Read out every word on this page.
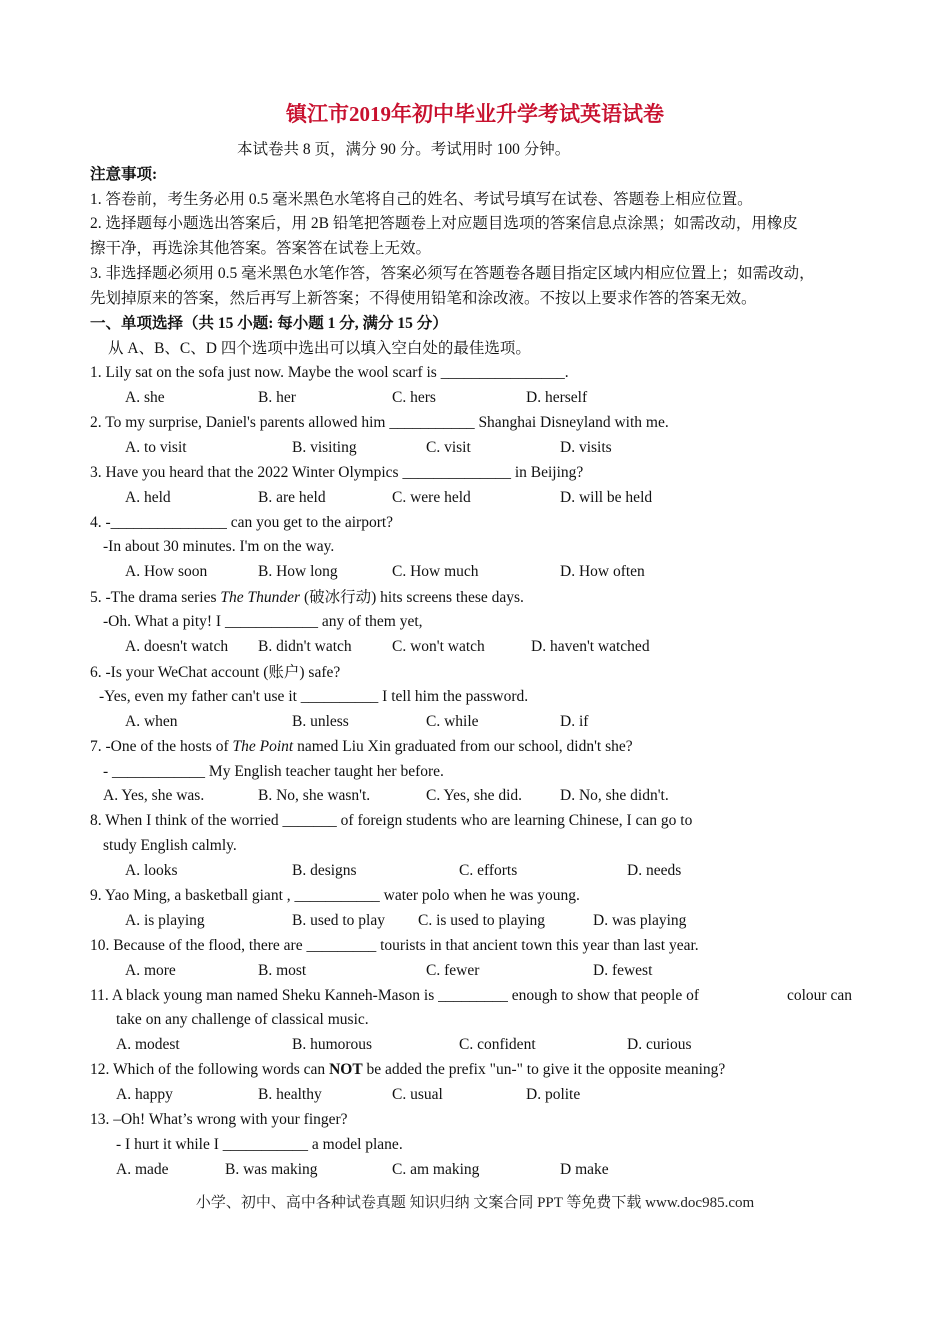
镇江市2019年初中毕业升学考试英语试卷
本试卷共 8 页，满分 90 分。考试用时 100 分钟。
注意事项:
1. 答卷前，考生务必用 0.5 毫米黑色水笔将自己的姓名、考试号填写在试卷、答题卷上相应位置。
2. 选择题每小题选出答案后，用 2B 铅笔把答题卷上对应题目选项的答案信息点涂黑；如需改动，用橡皮
擦干净，再选涂其他答案。答案答在试卷上无效。
3. 非选择题必须用 0.5 毫米黑色水笔作答，答案必须写在答题卷各题目指定区域内相应位置上；如需改动，
先划掉原来的答案，然后再写上新答案；不得使用铅笔和涂改液。不按以上要求作答的答案无效。
一、单项选择（共 15 小题: 每小题 1 分, 满分 15 分）
从 A、B、C、D 四个选项中选出可以填入空白处的最佳选项。
1. Lily sat on the sofa just now. Maybe the wool scarf is ________________.
A. she	B. her	C. hers	D. herself
2. To my surprise, Daniel's parents allowed him ___________ Shanghai Disneyland with me.
A. to visit	B. visiting	C. visit	D. visits
3. Have you heard that the 2022 Winter Olympics ______________ in Beijing?
A. held	B. are held	C. were held	D. will be held
4. -_______________ can you get to the airport?
-In about 30 minutes. I'm on the way.
A. How soon	B. How long	C. How much	D. How often
5. -The drama series The Thunder (破冰行动) hits screens these days.
-Oh. What a pity! I ____________ any of them yet,
A. doesn't watch B. didn't watch	C. won't watch	D. haven't watched
6. -Is your WeChat account (账户) safe?
-Yes, even my father can't use it __________ I tell him the password.
A. when	B. unless	C. while	D. if
7. -One of the hosts of The Point named Liu Xin graduated from our school, didn't she?
- ____________ My English teacher taught her before.
A. Yes, she was.	B. No, she wasn't.	C. Yes, she did. D. No, she didn't.
8. When I think of the worried _______ of foreign students who are learning Chinese, I can go to
study English calmly.
A. looks	B. designs	C. efforts	D. needs
9. Yao Ming, a basketball giant , ___________ water polo when he was young.
A. is playing	B. used to play C. is used to playing	D. was playing
10. Because of the flood, there are _________ tourists in that ancient town this year than last year.
A. more	B. most	C. fewer	D. fewest
11. A black young man named Sheku Kanneh-Mason is _________ enough to show that people of	colour can
take on any challenge of classical music.
A. modest	B. humorous	C. confident	D. curious
12. Which of the following words can NOT be added the prefix "un-" to give it the opposite meaning?
A. happy	B. healthy	C. usual	D. polite
13. –Oh! What’s wrong with your finger?
- I hurt it while I ___________ a model plane.
A. made	B. was making	C. am making	D make
小学、初中、高中各种试卷真题 知识归纳 文案合同 PPT 等免费下载 www.doc985.com
